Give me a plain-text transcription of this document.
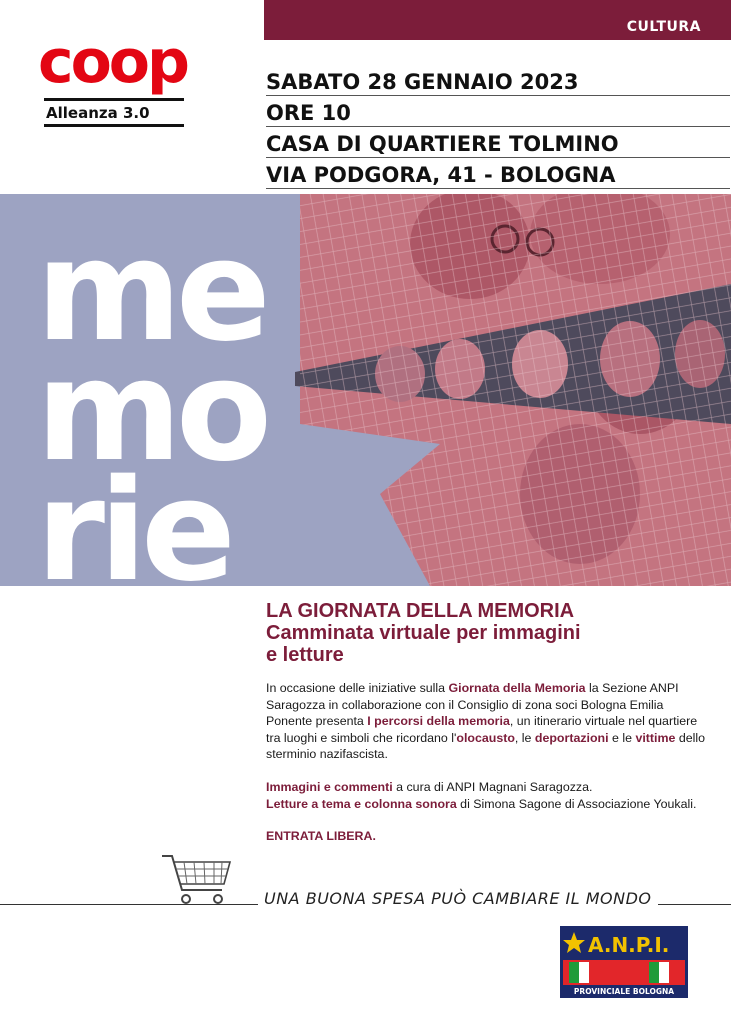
CULTURA
coop
Alleanza 3.0
SABATO 28 GENNAIO 2023
ORE 10
CASA DI QUARTIERE TOLMINO
VIA PODGORA, 41 - BOLOGNA
me
mo
rie LA GIORNATA DELLA MEMORIA
Camminata virtuale per immagini
e letture

In occasione delle iniziative sulla Giornata della Memoria la Sezione ANPI Saragozza in collaborazione con il Consiglio di zona soci Bologna Emilia Ponente presenta I percorsi della memoria, un itinerario virtuale nel quartiere tra luoghi e simboli che ricordano l'olocausto, le deportazioni e le vittime dello sterminio nazifascista.

Immagini e commenti a cura di ANPI Magnani Saragozza.
Letture a tema e colonna sonora di Simona Sagone di Associazione Youkali.

ENTRATA LIBERA.

UNA BUONA SPESA PUÒ CAMBIARE IL MONDO
A.N.P.I.
PROVINCIALE BOLOGNA
